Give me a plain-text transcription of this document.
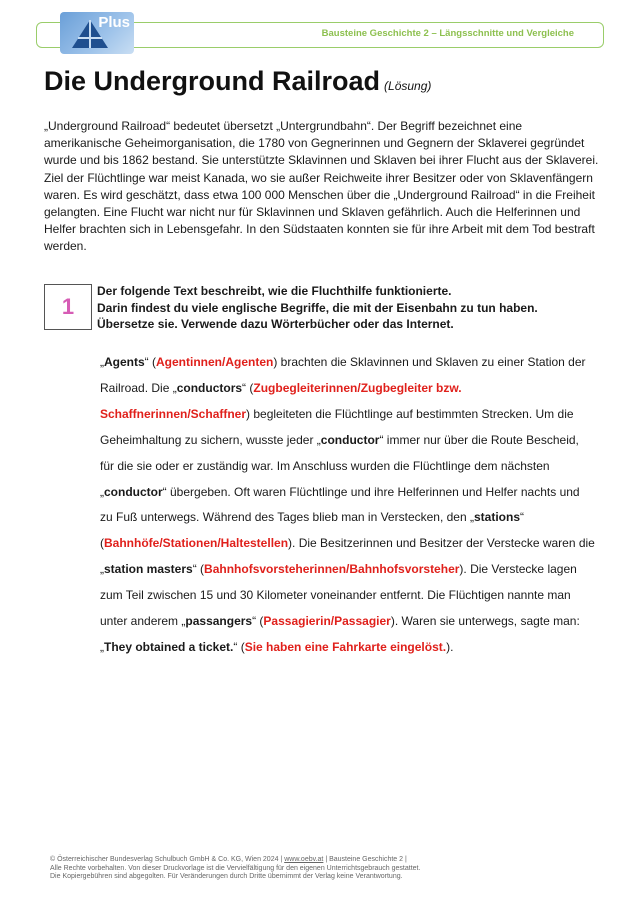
Plus
Bausteine Geschichte 2 – Längsschnitte und Vergleiche
Die Underground Railroad (Lösung)

„Underground Railroad“ bedeutet übersetzt „Untergrundbahn“. Der Begriff bezeichnet eine amerikanische Geheimorganisation, die 1780 von Gegnerinnen und Gegnern der Sklaverei gegründet wurde und bis 1862 bestand. Sie unterstützte Sklavinnen und Sklaven bei ihrer Flucht aus der Sklaverei. Ziel der Flüchtlinge war meist Kanada, wo sie außer Reichweite ihrer Besitzer oder von Sklavenfängern waren. Es wird geschätzt, dass etwa 100 000 Menschen über die „Underground Railroad“ in die Freiheit gelangten. Eine Flucht war nicht nur für Sklavinnen und Sklaven gefährlich. Auch die Helferinnen und Helfer brachten sich in Lebensgefahr. In den Südstaaten konnten sie für ihre Arbeit mit dem Tod bestraft werden.

1
Der folgende Text beschreibt, wie die Fluchthilfe funktionierte.
Darin findest du viele englische Begriffe, die mit der Eisenbahn zu tun haben.
Übersetze sie. Verwende dazu Wörterbücher oder das Internet.

„Agents“ (Agentinnen/Agenten) brachten die Sklavinnen und Sklaven zu einer Station der Railroad. Die „conductors“ (Zugbegleiterinnen/Zugbegleiter bzw. Schaffnerinnen/Schaffner) begleiteten die Flüchtlinge auf bestimmten Strecken. Um die Geheimhaltung zu sichern, wusste jeder „conductor“ immer nur über die Route Bescheid, für die sie oder er zuständig war. Im Anschluss wurden die Flüchtlinge dem nächsten „conductor“ übergeben. Oft waren Flüchtlinge und ihre Helferinnen und Helfer nachts und zu Fuß unterwegs. Während des Tages blieb man in Verstecken, den „stations“ (Bahnhöfe/Stationen/Haltestellen). Die Besitzerinnen und Besitzer der Verstecke waren die „station masters“ (Bahnhofsvorsteherinnen/Bahnhofsvorsteher). Die Verstecke lagen zum Teil zwischen 15 und 30 Kilometer voneinander entfernt. Die Flüchtigen nannte man unter anderem „passangers“ (Passagierin/Passagier). Waren sie unterwegs, sagte man: „They obtained a ticket.“ (Sie haben eine Fahrkarte eingelöst.).

© Österreichischer Bundesverlag Schulbuch GmbH & Co. KG, Wien 2024 | www.oebv.at | Bausteine Geschichte 2 |
Alle Rechte vorbehalten. Von dieser Druckvorlage ist die Vervielfältigung für den eigenen Unterrichtsgebrauch gestattet.
Die Kopiergebühren sind abgegolten. Für Veränderungen durch Dritte übernimmt der Verlag keine Verantwortung.
